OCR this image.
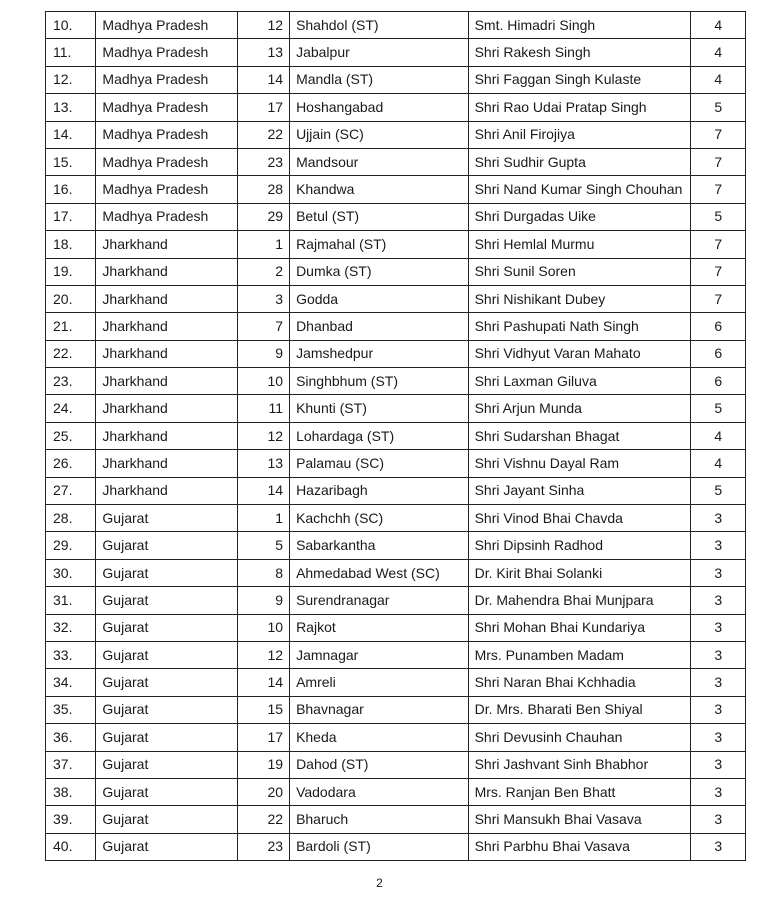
10.	Madhya Pradesh	12	Shahdol (ST)	Smt. Himadri Singh	4
11.	Madhya Pradesh	13	Jabalpur	Shri Rakesh Singh	4
12.	Madhya Pradesh	14	Mandla (ST)	Shri Faggan Singh Kulaste	4
13.	Madhya Pradesh	17	Hoshangabad	Shri Rao Udai Pratap Singh	5
14.	Madhya Pradesh	22	Ujjain (SC)	Shri Anil Firojiya	7
15.	Madhya Pradesh	23	Mandsour	Shri Sudhir Gupta	7
16.	Madhya Pradesh	28	Khandwa	Shri Nand Kumar Singh Chouhan	7
17.	Madhya Pradesh	29	Betul (ST)	Shri Durgadas Uike	5
18.	Jharkhand	1	Rajmahal (ST)	Shri Hemlal Murmu	7
19.	Jharkhand	2	Dumka (ST)	Shri Sunil Soren	7
20.	Jharkhand	3	Godda	Shri Nishikant Dubey	7
21.	Jharkhand	7	Dhanbad	Shri Pashupati Nath Singh	6
22.	Jharkhand	9	Jamshedpur	Shri Vidhyut Varan Mahato	6
23.	Jharkhand	10	Singhbhum (ST)	Shri Laxman Giluva	6
24.	Jharkhand	11	Khunti (ST)	Shri Arjun Munda	5
25.	Jharkhand	12	Lohardaga (ST)	Shri Sudarshan Bhagat	4
26.	Jharkhand	13	Palamau (SC)	Shri Vishnu Dayal Ram	4
27.	Jharkhand	14	Hazaribagh	Shri Jayant Sinha	5
28.	Gujarat	1	Kachchh (SC)	Shri Vinod Bhai Chavda	3
29.	Gujarat	5	Sabarkantha	Shri Dipsinh Radhod	3
30.	Gujarat	8	Ahmedabad West (SC)	Dr. Kirit Bhai Solanki	3
31.	Gujarat	9	Surendranagar	Dr. Mahendra Bhai Munjpara	3
32.	Gujarat	10	Rajkot	Shri Mohan Bhai Kundariya	3
33.	Gujarat	12	Jamnagar	Mrs. Punamben Madam	3
34.	Gujarat	14	Amreli	Shri Naran Bhai Kchhadia	3
35.	Gujarat	15	Bhavnagar	Dr. Mrs. Bharati Ben Shiyal	3
36.	Gujarat	17	Kheda	Shri Devusinh Chauhan	3
37.	Gujarat	19	Dahod (ST)	Shri Jashvant Sinh Bhabhor	3
38.	Gujarat	20	Vadodara	Mrs. Ranjan Ben Bhatt	3
39.	Gujarat	22	Bharuch	Shri Mansukh Bhai Vasava	3
40.	Gujarat	23	Bardoli (ST)	Shri Parbhu Bhai Vasava	3
2
